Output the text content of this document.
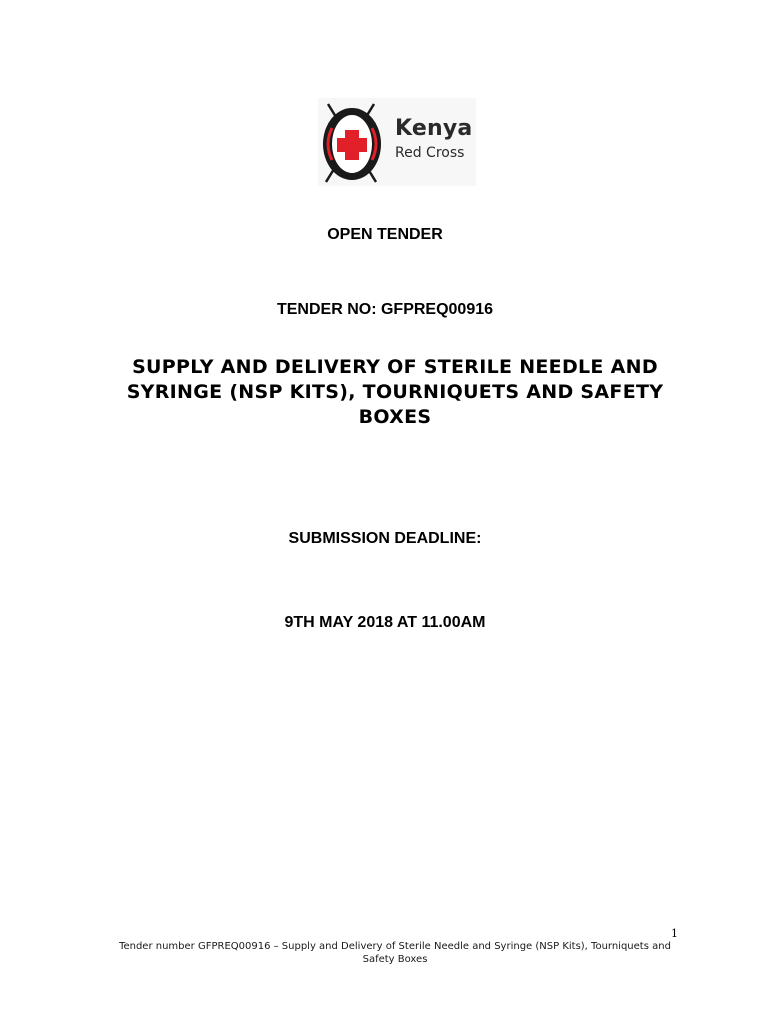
Kenya
Red Cross
OPEN TENDER
TENDER NO: GFPREQ00916
SUPPLY AND DELIVERY OF STERILE NEEDLE AND SYRINGE (NSP KITS), TOURNIQUETS AND SAFETY BOXES
SUBMISSION DEADLINE:
9TH MAY 2018 AT 11.00AM
1
Tender number GFPREQ00916 – Supply and Delivery of Sterile Needle and Syringe (NSP Kits), Tourniquets and Safety Boxes
